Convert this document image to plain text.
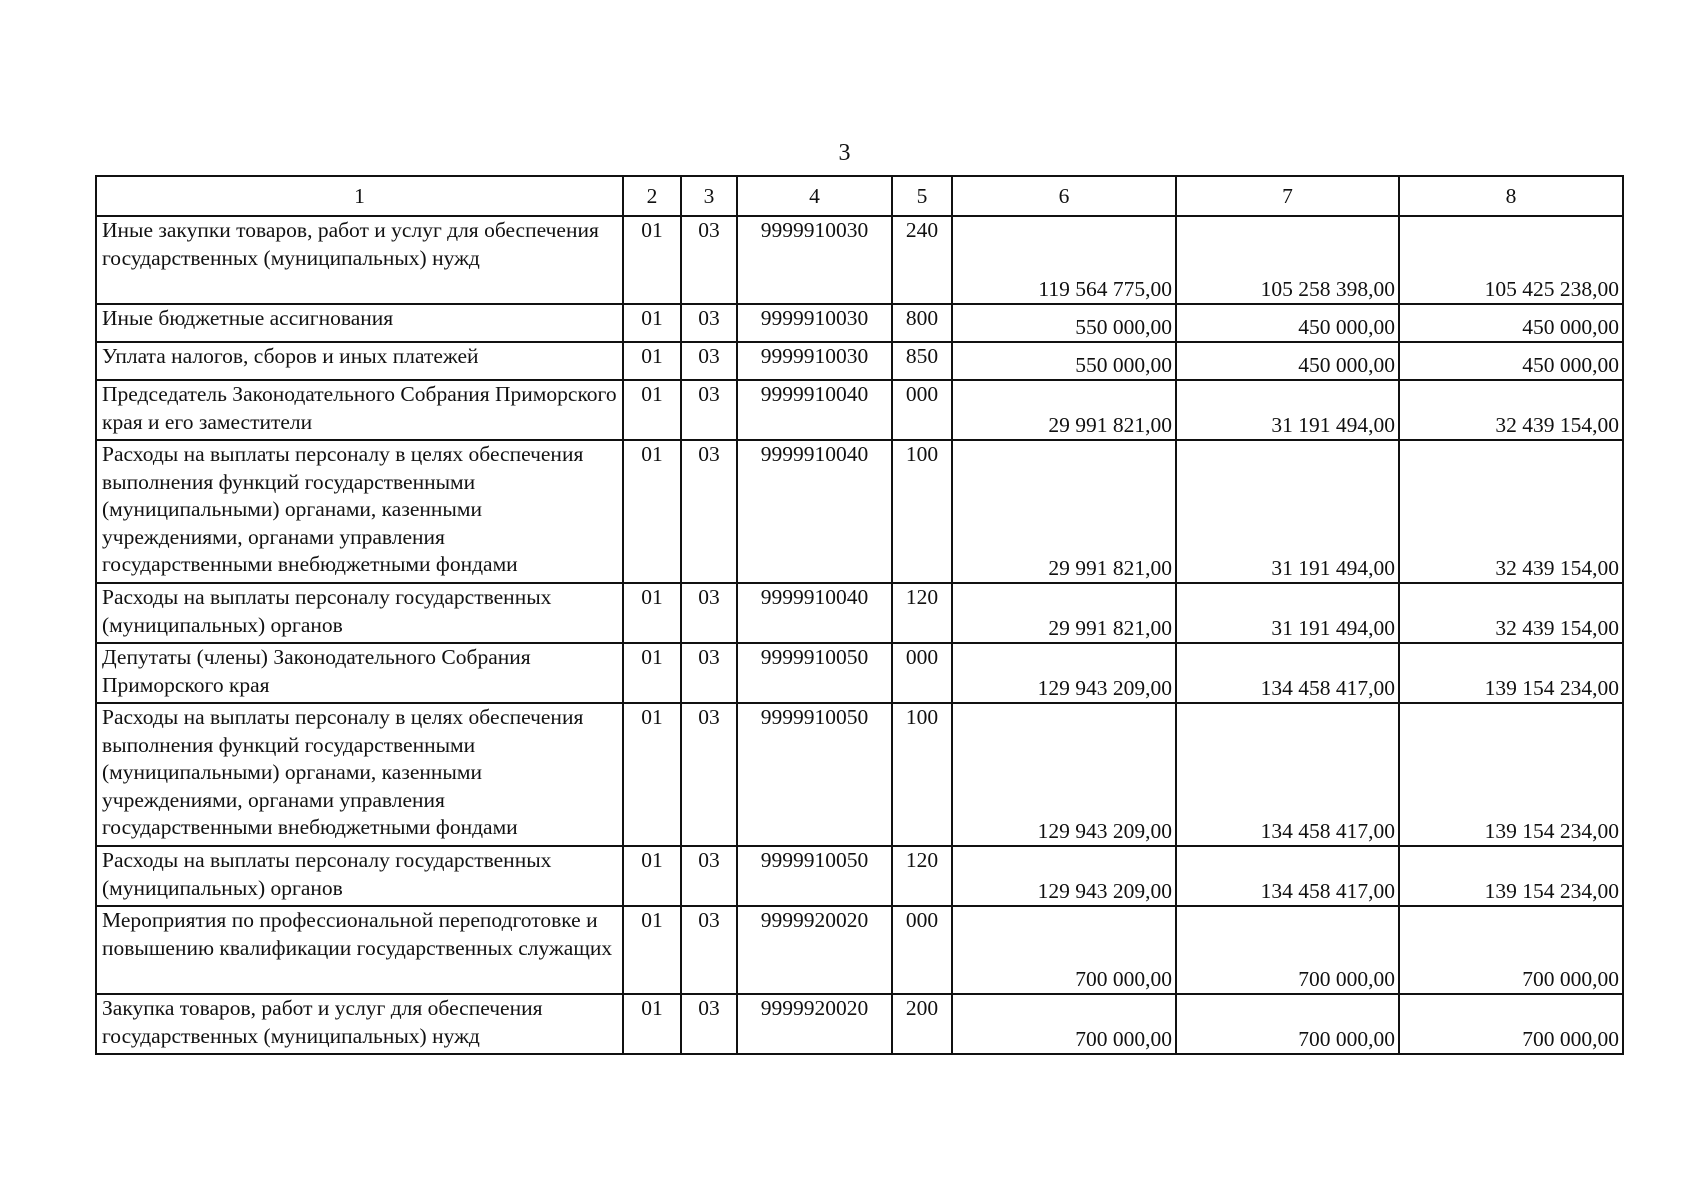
3
1	2	3	4	5	6	7	8
Иные закупки товаров, работ и услуг для обеспечения государственных (муниципальных) нужд	01	03	9999910030	240	119 564 775,00	105 258 398,00	105 425 238,00
Иные бюджетные ассигнования	01	03	9999910030	800	550 000,00	450 000,00	450 000,00
Уплата налогов, сборов и иных платежей	01	03	9999910030	850	550 000,00	450 000,00	450 000,00
Председатель Законодательного Собрания Приморского края и его заместители	01	03	9999910040	000	29 991 821,00	31 191 494,00	32 439 154,00
Расходы на выплаты персоналу в целях обеспечения выполнения функций государственными (муниципальными) органами, казенными учреждениями, органами управления государственными внебюджетными фондами	01	03	9999910040	100	29 991 821,00	31 191 494,00	32 439 154,00
Расходы на выплаты персоналу государственных (муниципальных) органов	01	03	9999910040	120	29 991 821,00	31 191 494,00	32 439 154,00
Депутаты (члены) Законодательного Собрания Приморского края	01	03	9999910050	000	129 943 209,00	134 458 417,00	139 154 234,00
Расходы на выплаты персоналу в целях обеспечения выполнения функций государственными (муниципальными) органами, казенными учреждениями, органами управления государственными внебюджетными фондами	01	03	9999910050	100	129 943 209,00	134 458 417,00	139 154 234,00
Расходы на выплаты персоналу государственных (муниципальных) органов	01	03	9999910050	120	129 943 209,00	134 458 417,00	139 154 234,00
Мероприятия по профессиональной переподготовке и повышению квалификации государственных служащих	01	03	9999920020	000	700 000,00	700 000,00	700 000,00
Закупка товаров, работ и услуг для обеспечения государственных (муниципальных) нужд	01	03	9999920020	200	700 000,00	700 000,00	700 000,00
